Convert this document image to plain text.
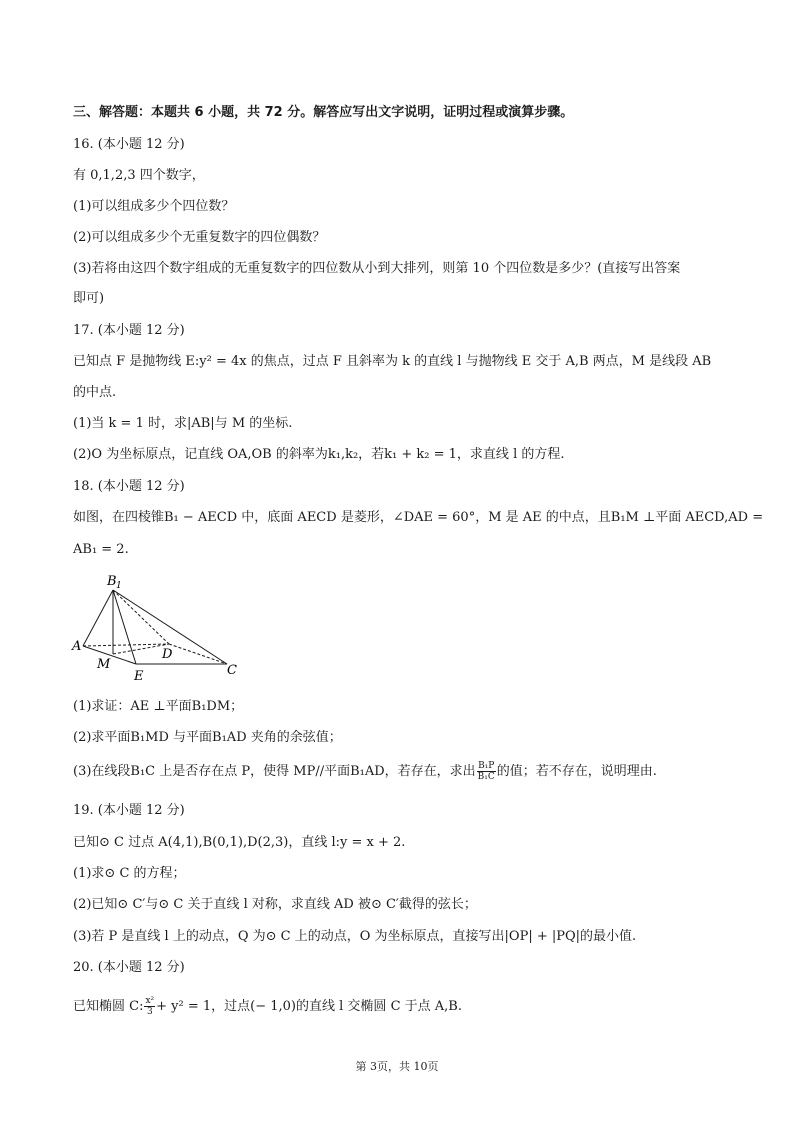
三、解答题：本题共 6 小题，共 72 分。解答应写出文字说明，证明过程或演算步骤。
16. (本小题 12 分)
有 0,1,2,3 四个数字，
(1)可以组成多少个四位数？
(2)可以组成多少个无重复数字的四位偶数？
(3)若将由这四个数字组成的无重复数字的四位数从小到大排列，则第 10 个四位数是多少？(直接写出答案
即可)
17. (本小题 12 分)
已知点 F 是抛物线 E:y² = 4x 的焦点，过点 F 且斜率为 k 的直线 l 与抛物线 E 交于 A,B 两点，M 是线段 AB
的中点.
(1)当 k = 1 时，求|AB|与 M 的坐标.
(2)O 为坐标原点，记直线 OA,OB 的斜率为k₁,k₂，若k₁ + k₂ = 1，求直线 l 的方程.
18. (本小题 12 分)
如图，在四棱锥B₁ − AECD 中，底面 AECD 是菱形，∠DAE = 60°，M 是 AE 的中点，且B₁M ⊥平面 AECD,AD =
AB₁ = 2.
B 1
A
M
E
D
C
(1)求证：AE ⊥平面B₁DM；
(2)求平面B₁MD 与平面B₁AD 夹角的余弦值；
(3)在线段B₁C 上是否存在点 P，使得 MP//平面B₁AD，若存在，求出 $\frac{\text{B₁P}}{\text{B₁C}}$ 的值；若不存在，说明理由.
19. (本小题 12 分)
已知⊙ C 过点 A(4,1),B(0,1),D(2,3)，直线 l:y = x + 2.
(1)求⊙ C 的方程；
(2)已知⊙ C′与⊙ C 关于直线 l 对称，求直线 AD 被⊙ C′截得的弦长；
(3)若 P 是直线 l 上的动点，Q 为⊙ C 上的动点，O 为坐标原点，直接写出|OP| + |PQ|的最小值.
20. (本小题 12 分)
已知椭圆 C: $\frac{\text{x²}}{3} + y^2 = 1$，过点(− 1,0)的直线 l 交椭圆 C 于点 A,B.
第 3页，共 10页
